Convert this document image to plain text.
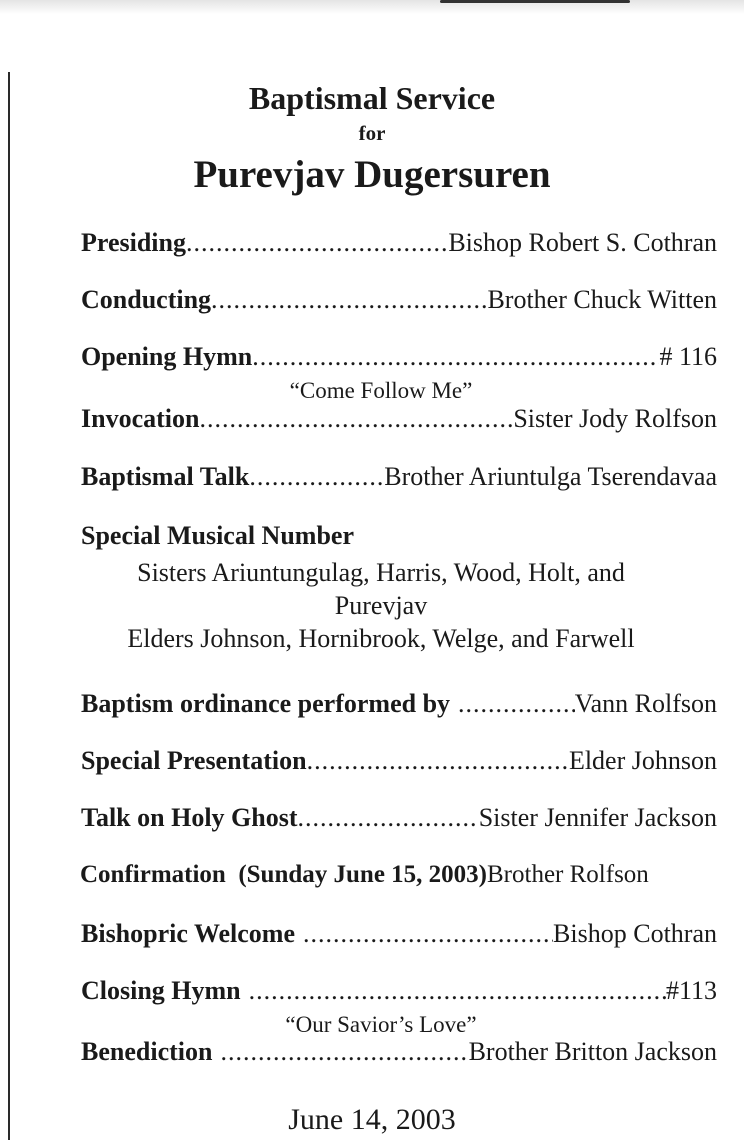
Baptismal Service
for
Purevjav Dugersuren
Presiding .....	Bishop Robert S. Cothran
Conducting .....	Brother Chuck Witten
Opening Hymn .....	# 116
“Come Follow Me”
Invocation .....	Sister Jody Rolfson
Baptismal Talk .....	Brother Ariuntulga Tserendavaa
Special Musical Number
Sisters Ariuntungulag, Harris, Wood, Holt, and
Purevjav
Elders Johnson, Hornibrook, Welge, and Farwell
Baptism ordinance performed by .....	Vann Rolfson
Special Presentation .....	Elder Johnson
Talk on Holy Ghost .....	Sister Jennifer Jackson
Confirmation  (Sunday June 15, 2003) Brother Rolfson
Bishopric Welcome .....	Bishop Cothran
Closing Hymn .....	#113
“Our Savior’s Love”
Benediction .....	Brother Britton Jackson
June 14, 2003
